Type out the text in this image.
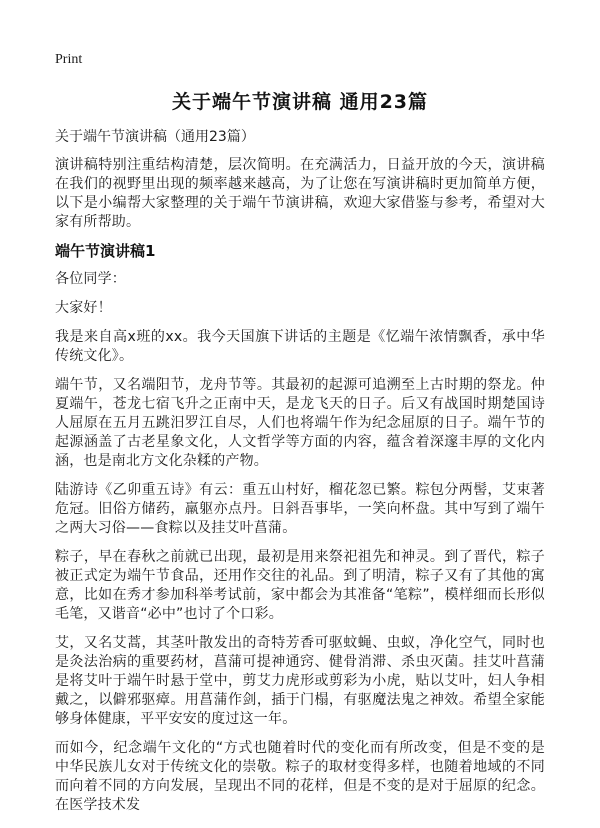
Print
关于端午节演讲稿 通用23篇

关于端午节演讲稿（通用23篇）

演讲稿特别注重结构清楚，层次简明。在充满活力，日益开放的今天，演讲稿在我们的视野里出现的频率越来越高，为了让您在写演讲稿时更加简单方便，以下是小编帮大家整理的关于端午节演讲稿，欢迎大家借鉴与参考，希望对大家有所帮助。

端午节演讲稿1

各位同学：

大家好！

我是来自高x班的xx。我今天国旗下讲话的主题是《忆端午浓情飘香，承中华传统文化》。

端午节，又名端阳节，龙舟节等。其最初的起源可追溯至上古时期的祭龙。仲夏端午，苍龙七宿飞升之正南中天，是龙飞天的日子。后又有战国时期楚国诗人屈原在五月五跳汨罗江自尽，人们也将端午作为纪念屈原的日子。端午节的起源涵盖了古老星象文化，人文哲学等方面的内容，蕴含着深邃丰厚的文化内涵，也是南北方文化杂糅的产物。

陆游诗《乙卯重五诗》有云：重五山村好，榴花忽已繁。粽包分两髻，艾束著危冠。旧俗方储药，羸躯亦点丹。日斜吾事毕，一笑向杯盘。其中写到了端午之两大习俗——食粽以及挂艾叶菖蒲。

粽子，早在春秋之前就已出现，最初是用来祭祀祖先和神灵。到了晋代，粽子被正式定为端午节食品，还用作交往的礼品。到了明清，粽子又有了其他的寓意，比如在秀才参加科举考试前，家中都会为其准备“笔粽”，模样细而长形似毛笔，又谐音“必中”也讨了个口彩。

艾，又名艾蒿，其茎叶散发出的奇特芳香可驱蚊蝇、虫蚁，净化空气，同时也是灸法治病的重要药材，菖蒲可提神通窍、健骨消滞、杀虫灭菌。挂艾叶菖蒲是将艾叶于端午时悬于堂中，剪艾力虎形或剪彩为小虎，贴以艾叶，妇人争相戴之，以僻邪驱瘴。用菖蒲作剑，插于门榻，有驱魔法鬼之神效。希望全家能够身体健康，平平安安的度过这一年。

而如今，纪念端午文化的“方式也随着时代的变化而有所改变，但是不变的是中华民族儿女对于传统文化的崇敬。粽子的取材变得多样，也随着地域的不同而向着不同的方向发展，呈现出不同的花样，但是不变的是对于屈原的纪念。在医学技术发
